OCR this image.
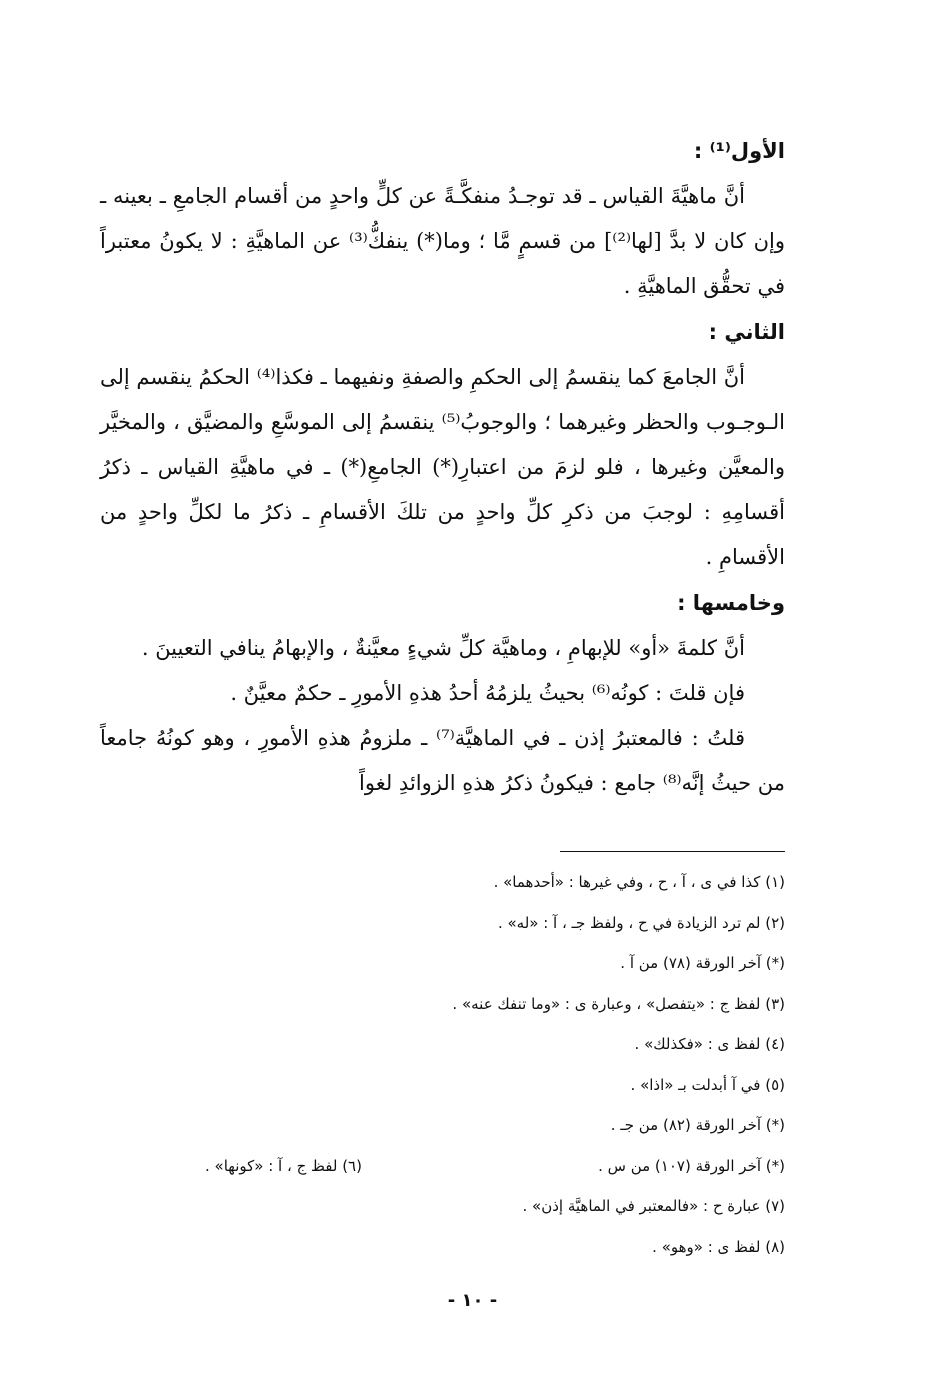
الأول⁽¹⁾ :

أنَّ ماهيَّةَ القياس ـ قد توجـدُ منفكَّـةً عن كلٍّ واحدٍ من أقسام الجامعِ ـ بعينه ـ وإن كان لا بدَّ [لها⁽²⁾] من قسمٍ مَّا ؛ وما(*) ينفكُّ⁽³⁾ عن الماهيَّةِ : لا يكونُ معتبراً في تحقُّق الماهيَّةِ .

الثاني :

أنَّ الجامعَ كما ينقسمُ إلى الحكمِ والصفةِ ونفيهما ـ فكذا⁽⁴⁾ الحكمُ ينقسم إلى الـوجـوب والحظر وغيرهما ؛ والوجوبُ⁽⁵⁾ ينقسمُ إلى الموسَّعِ والمضيَّق ، والمخيَّر والمعيَّن وغيرها ، فلو لزمَ من اعتبارِ(*) الجامعِ(*) ـ في ماهيَّةِ القياس ـ ذكرُ أقسامِهِ : لوجبَ من ذكرِ كلِّ واحدٍ من تلكَ الأقسامِ ـ ذكرُ ما لكلِّ واحدٍ من الأقسامِ .

وخامسها :

أنَّ كلمةَ «أو» للإبهامِ ، وماهيَّة كلِّ شيءٍ معيَّنةٌ ، والإبهامُ ينافي التعيينَ .

فإن قلتَ : كونُه⁽⁶⁾ بحيثُ يلزمُهُ أحدُ هذهِ الأمورِ ـ حكمٌ معيَّنٌ .

قلتُ : فالمعتبرُ إذن ـ في الماهيَّة⁽⁷⁾ ـ ملزومُ هذهِ الأمورِ ، وهو كونُهُ جامعاً من حيثُ إنَّه⁽⁸⁾ جامع : فيكونُ ذكرُ هذهِ الزوائدِ لغواً

(١) كذا في ى ، آ ، ح ، وفي غيرها : «أحدهما» .

(٢) لم ترد الزيادة في ح ، ولفظ جـ ، آ : «له» .

(*) آخر الورقة (٧٨) من آ .

(٣) لفظ ج : «يتفصل» ، وعبارة ى : «وما تنفك عنه» .

(٤) لفظ ى : «فكذلك» .

(٥) في آ أبدلت بـ «اذا» .

(*) آخر الورقة (٨٢) من جـ .

(*) آخر الورقة (١٠٧) من س .
(٦) لفظ ج ، آ : «كونها» .

(٧) عبارة ح : «فالمعتبر في الماهيَّة إذن» .

(٨) لفظ ى : «وهو» .

- ١٠ -
